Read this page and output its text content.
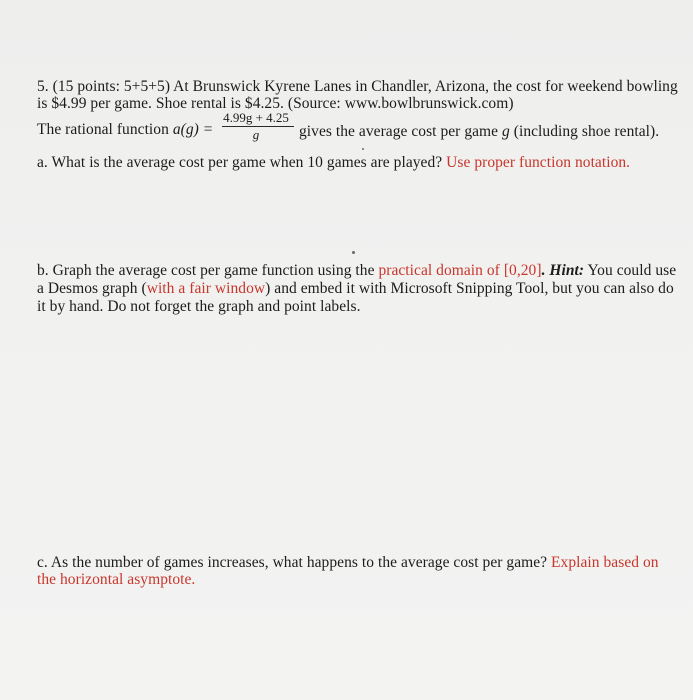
5. (15 points: 5+5+5) At Brunswick Kyrene Lanes in Chandler, Arizona, the cost for weekend bowling
is $4.99 per game. Shoe rental is $4.25. (Source: www.bowlbrunswick.com)
The rational function a(g) =
4.99g + 4.25
g	gives the average cost per game g (including shoe rental).
a. What is the average cost per game when 10 games are played? Use proper function notation.
b. Graph the average cost per game function using the practical domain of [0,20]. Hint: You could use
a Desmos graph (with a fair window) and embed it with Microsoft Snipping Tool, but you can also do
it by hand. Do not forget the graph and point labels.
c. As the number of games increases, what happens to the average cost per game? Explain based on
the horizontal asymptote.
